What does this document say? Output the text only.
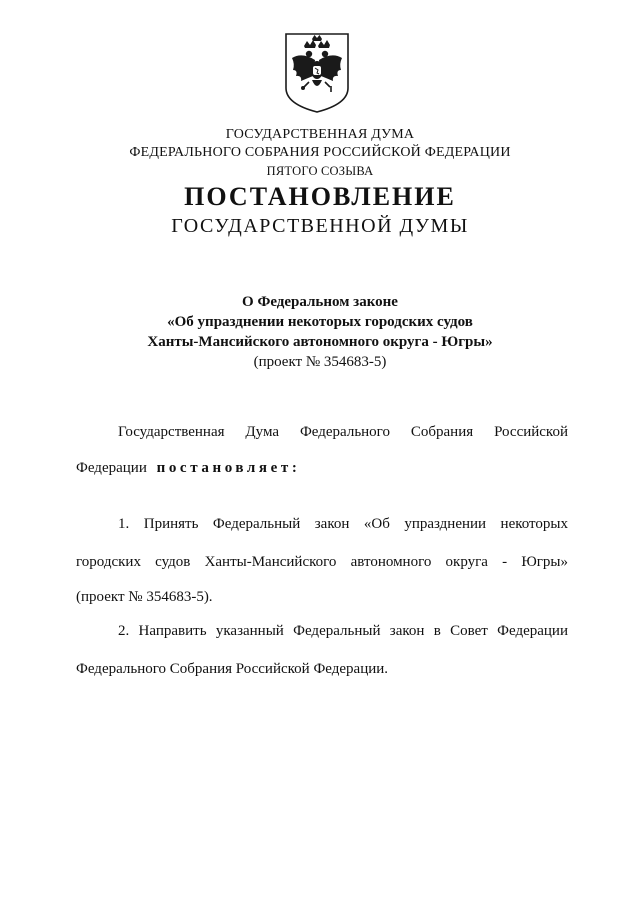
ГОСУДАРСТВЕННАЯ ДУМА
ФЕДЕРАЛЬНОГО СОБРАНИЯ РОССИЙСКОЙ ФЕДЕРАЦИИ
ПЯТОГО СОЗЫВА
ПОСТАНОВЛЕНИЕ
ГОСУДАРСТВЕННОЙ ДУМЫ
О Федеральном законе
«Об упразднении некоторых городских судов
Ханты-Мансийского автономного округа - Югры»
(проект № 354683-5)
Государственная Дума Федерального Собрания Российской
Федерации постановляет:
1. Принять Федеральный закон «Об упразднении некоторых
городских судов Ханты-Мансийского автономного округа - Югры»
(проект № 354683-5).
2. Направить указанный Федеральный закон в Совет Федерации
Федерального Собрания Российской Федерации.
